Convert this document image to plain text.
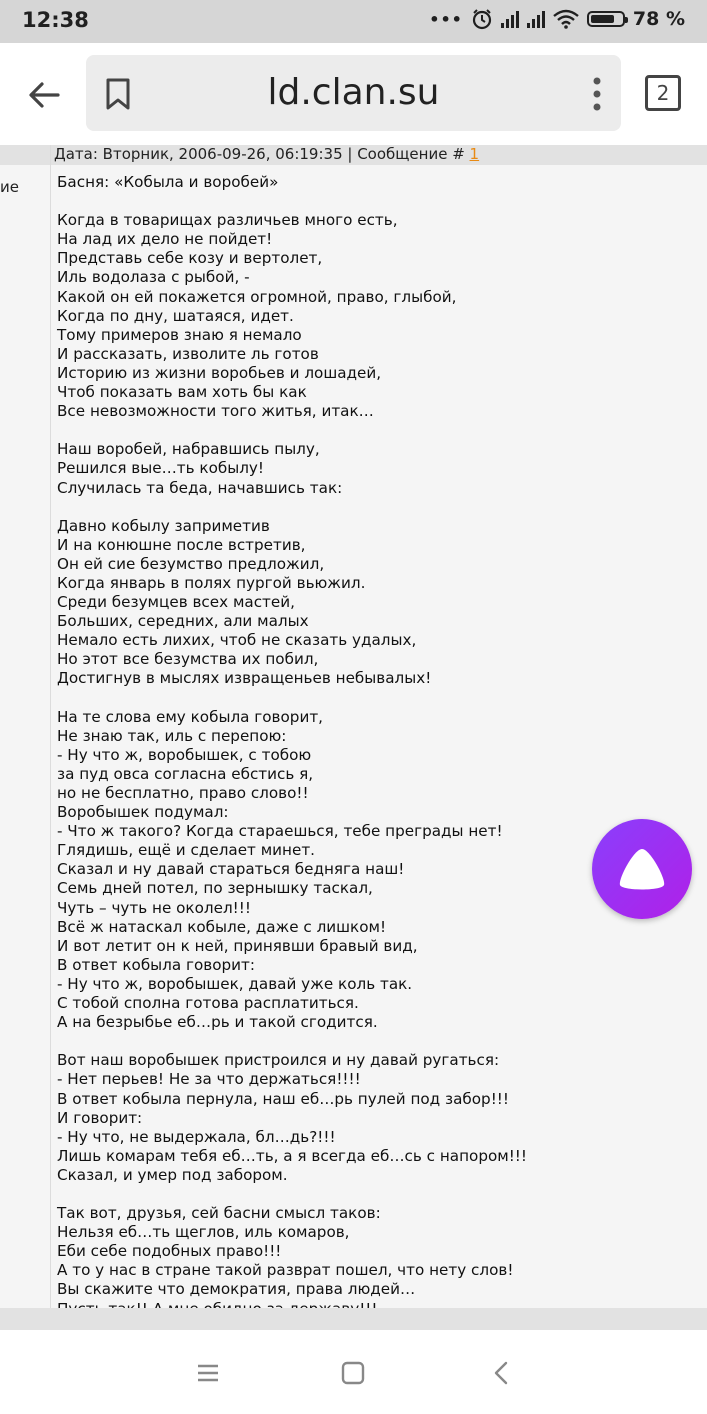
12:38	•••	78 %
ld.clan.su	2
ие
Дата: Вторник, 2006-09-26, 06:19:35 | Сообщение # 1
Басня: «Кобыла и воробей»

Когда в товарищах различьев много есть,
На лад их дело не пойдет!
Представь себе козу и вертолет,
Иль водолаза с рыбой, -
Какой он ей покажется огромной, право, глыбой,
Когда по дну, шатаяся, идет.
Тому примеров знаю я немало
И рассказать, изволите ль готов
Историю из жизни воробьев и лошадей,
Чтоб показать вам хоть бы как
Все невозможности того житья, итак…

Наш воробей, набравшись пылу,
Решился вые…ть кобылу!
Случилась та беда, начавшись так:

Давно кобылу заприметив
И на конюшне после встретив,
Он ей сие безумство предложил,
Когда январь в полях пургой вьюжил.
Среди безумцев всех мастей,
Больших, середних, али малых
Немало есть лихих, чтоб не сказать удалых,
Но этот все безумства их побил,
Достигнув в мыслях извращеньев небывалых!

На те слова ему кобыла говорит,
Не знаю так, иль с перепою:
- Ну что ж, воробышек, с тобою
за пуд овса согласна ебстись я,
но не бесплатно, право слово!!
Воробышек подумал:
- Что ж такого? Когда стараешься, тебе преграды нет!
Глядишь, ещё и сделает минет.
Сказал и ну давай стараться бедняга наш!
Семь дней потел, по зернышку таскал,
Чуть – чуть не околел!!!
Всё ж натаскал кобыле, даже с лишком!
И вот летит он к ней, принявши бравый вид,
В ответ кобыла говорит:
- Ну что ж, воробышек, давай уже коль так.
С тобой сполна готова расплатиться.
А на безрыбье еб…рь и такой сгодится.

Вот наш воробышек пристроился и ну давай ругаться:
- Нет перьев! Не за что держаться!!!!
В ответ кобыла пернула, наш еб…рь пулей под забор!!!
И говорит:
- Ну что, не выдержала, бл…дь?!!!
Лишь комарам тебя еб…ть, а я всегда еб…сь с напором!!!
Сказал, и умер под забором.

Так вот, друзья, сей басни смысл таков:
Нельзя еб…ть щеглов, иль комаров,
Еби себе подобных право!!!
А то у нас в стране такой разврат пошел, что нету слов!
Вы скажите что демократия, права людей…
